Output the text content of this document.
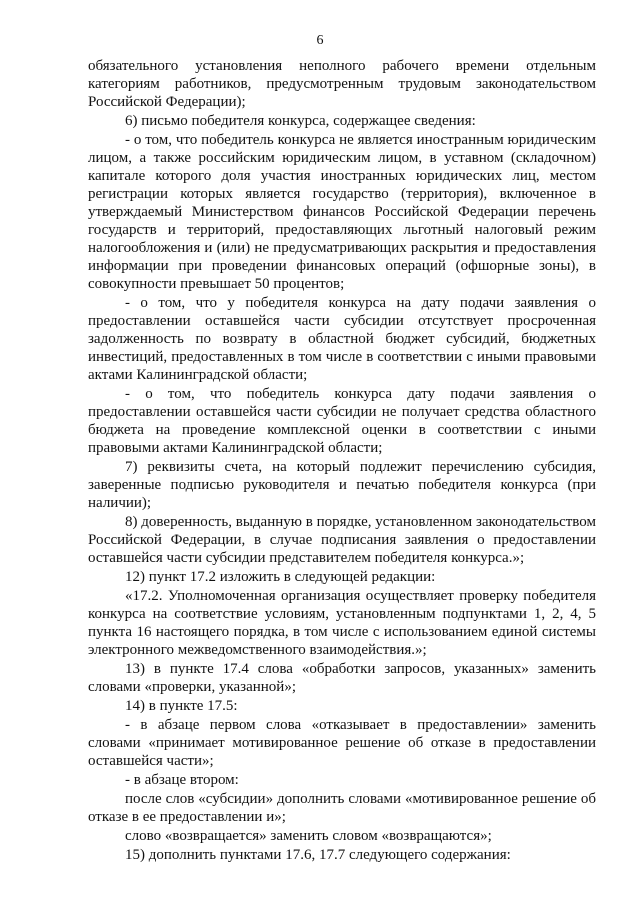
6

обязательного установления неполного рабочего времени отдельным категориям работников, предусмотренным трудовым законодательством Российской Федерации);

6) письмо победителя конкурса, содержащее сведения:

- о том, что победитель конкурса не является иностранным юридическим лицом, а также российским юридическим лицом, в уставном (складочном) капитале которого доля участия иностранных юридических лиц, местом регистрации которых является государство (территория), включенное в утверждаемый Министерством финансов Российской Федерации перечень государств и территорий, предоставляющих льготный налоговый режим налогообложения и (или) не предусматривающих раскрытия и предоставления информации при проведении финансовых операций (офшорные зоны), в совокупности превышает 50 процентов;

- о том, что у победителя конкурса на дату подачи заявления о предоставлении оставшейся части субсидии отсутствует просроченная задолженность по возврату в областной бюджет субсидий, бюджетных инвестиций, предоставленных в том числе в соответствии с иными правовыми актами Калининградской области;

- о том, что победитель конкурса дату подачи заявления о предоставлении оставшейся части субсидии не получает средства областного бюджета на проведение комплексной оценки в соответствии с иными правовыми актами Калининградской области;

7) реквизиты счета, на который подлежит перечислению субсидия, заверенные подписью руководителя и печатью победителя конкурса (при наличии);

8) доверенность, выданную в порядке, установленном законодательством Российской Федерации, в случае подписания заявления о предоставлении оставшейся части субсидии представителем победителя конкурса.»;

12) пункт 17.2 изложить в следующей редакции:

«17.2. Уполномоченная организация осуществляет проверку победителя конкурса на соответствие условиям, установленным подпунктами 1, 2, 4, 5 пункта 16 настоящего порядка, в том числе с использованием единой системы электронного межведомственного взаимодействия.»;

13) в пункте 17.4 слова «обработки запросов, указанных» заменить словами «проверки, указанной»;

14) в пункте 17.5:

- в абзаце первом слова «отказывает в предоставлении» заменить словами «принимает мотивированное решение об отказе в предоставлении оставшейся части»;

- в абзаце втором:

после слов «субсидии» дополнить словами «мотивированное решение об отказе в ее предоставлении и»;

слово «возвращается» заменить словом «возвращаются»;

15) дополнить пунктами 17.6, 17.7 следующего содержания:
